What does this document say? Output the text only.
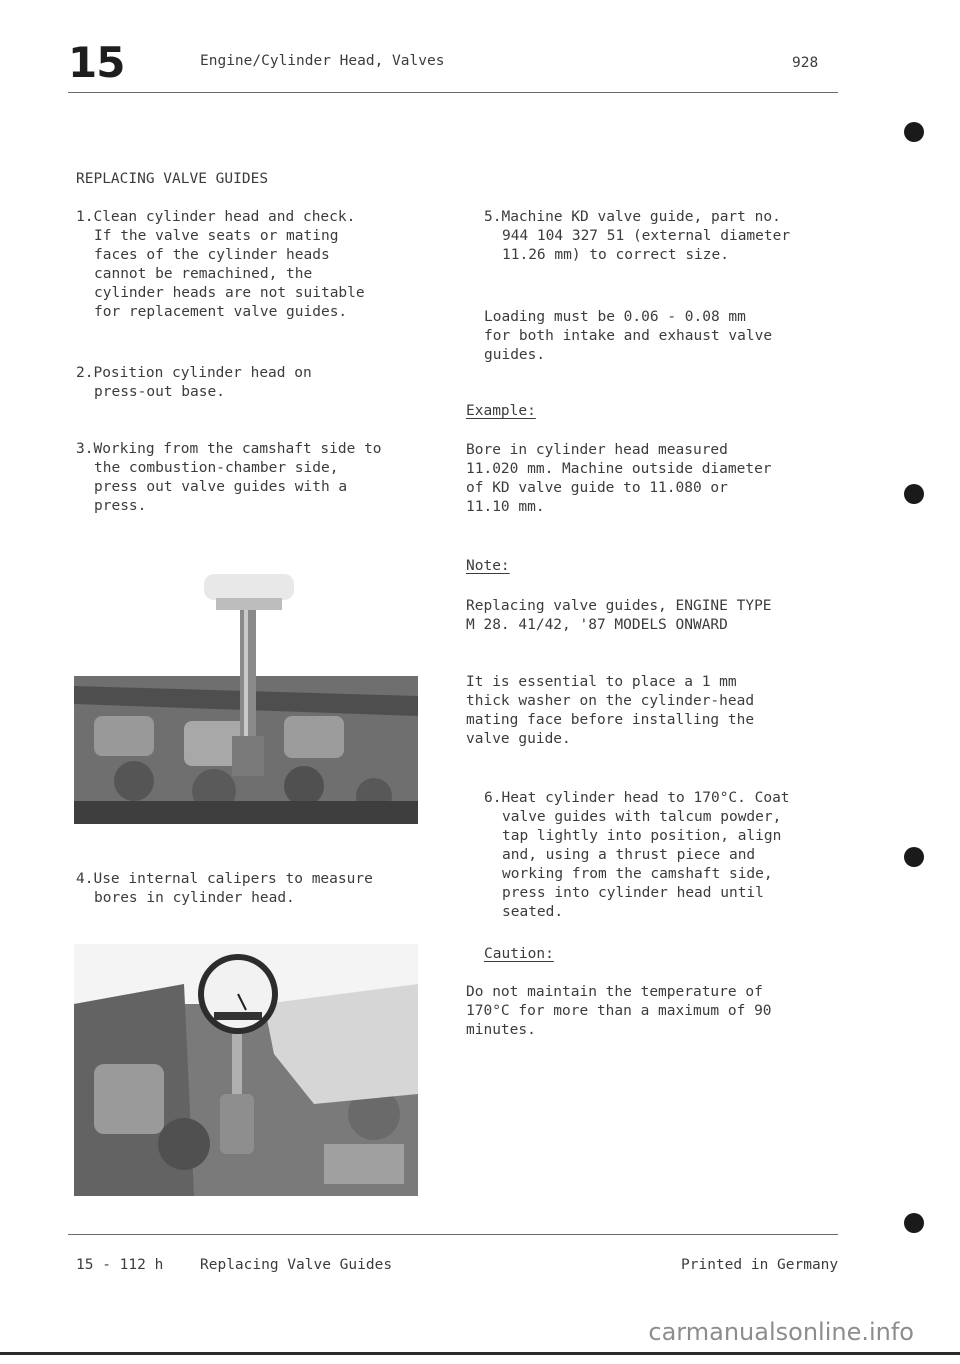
15	Engine/Cylinder Head, Valves	928
REPLACING VALVE GUIDES
1.Clean cylinder head and check.
If the valve seats or mating
faces of the cylinder heads
cannot be remachined, the
cylinder heads are not suitable
for replacement valve guides.
2.Position cylinder head on
press-out base.
3.Working from the camshaft side to
the combustion-chamber side,
press out valve guides with a
press.
4.Use internal calipers to measure
bores in cylinder head.
5.Machine KD valve guide, part no.
944 104 327 51 (external diameter
11.26 mm) to correct size.
Loading must be 0.06 - 0.08 mm
for both intake and exhaust valve
guides.
Example:
Bore in cylinder head measured
11.020 mm. Machine outside diameter
of KD valve guide to 11.080 or
11.10 mm.
Note:
Replacing valve guides, ENGINE TYPE
M 28. 41/42, '87 MODELS ONWARD
It is essential to place a 1 mm
thick washer on the cylinder-head
mating face before installing the
valve guide.
6.Heat cylinder head to 170°C. Coat
valve guides with talcum powder,
tap lightly into position, align
and, using a thrust piece and
working from the camshaft side,
press into cylinder head until
seated.
Caution:
Do not maintain the temperature of
170°C for more than a maximum of 90
minutes.
15 - 112 h	Replacing Valve Guides	Printed in Germany
carmanualsonline.info
